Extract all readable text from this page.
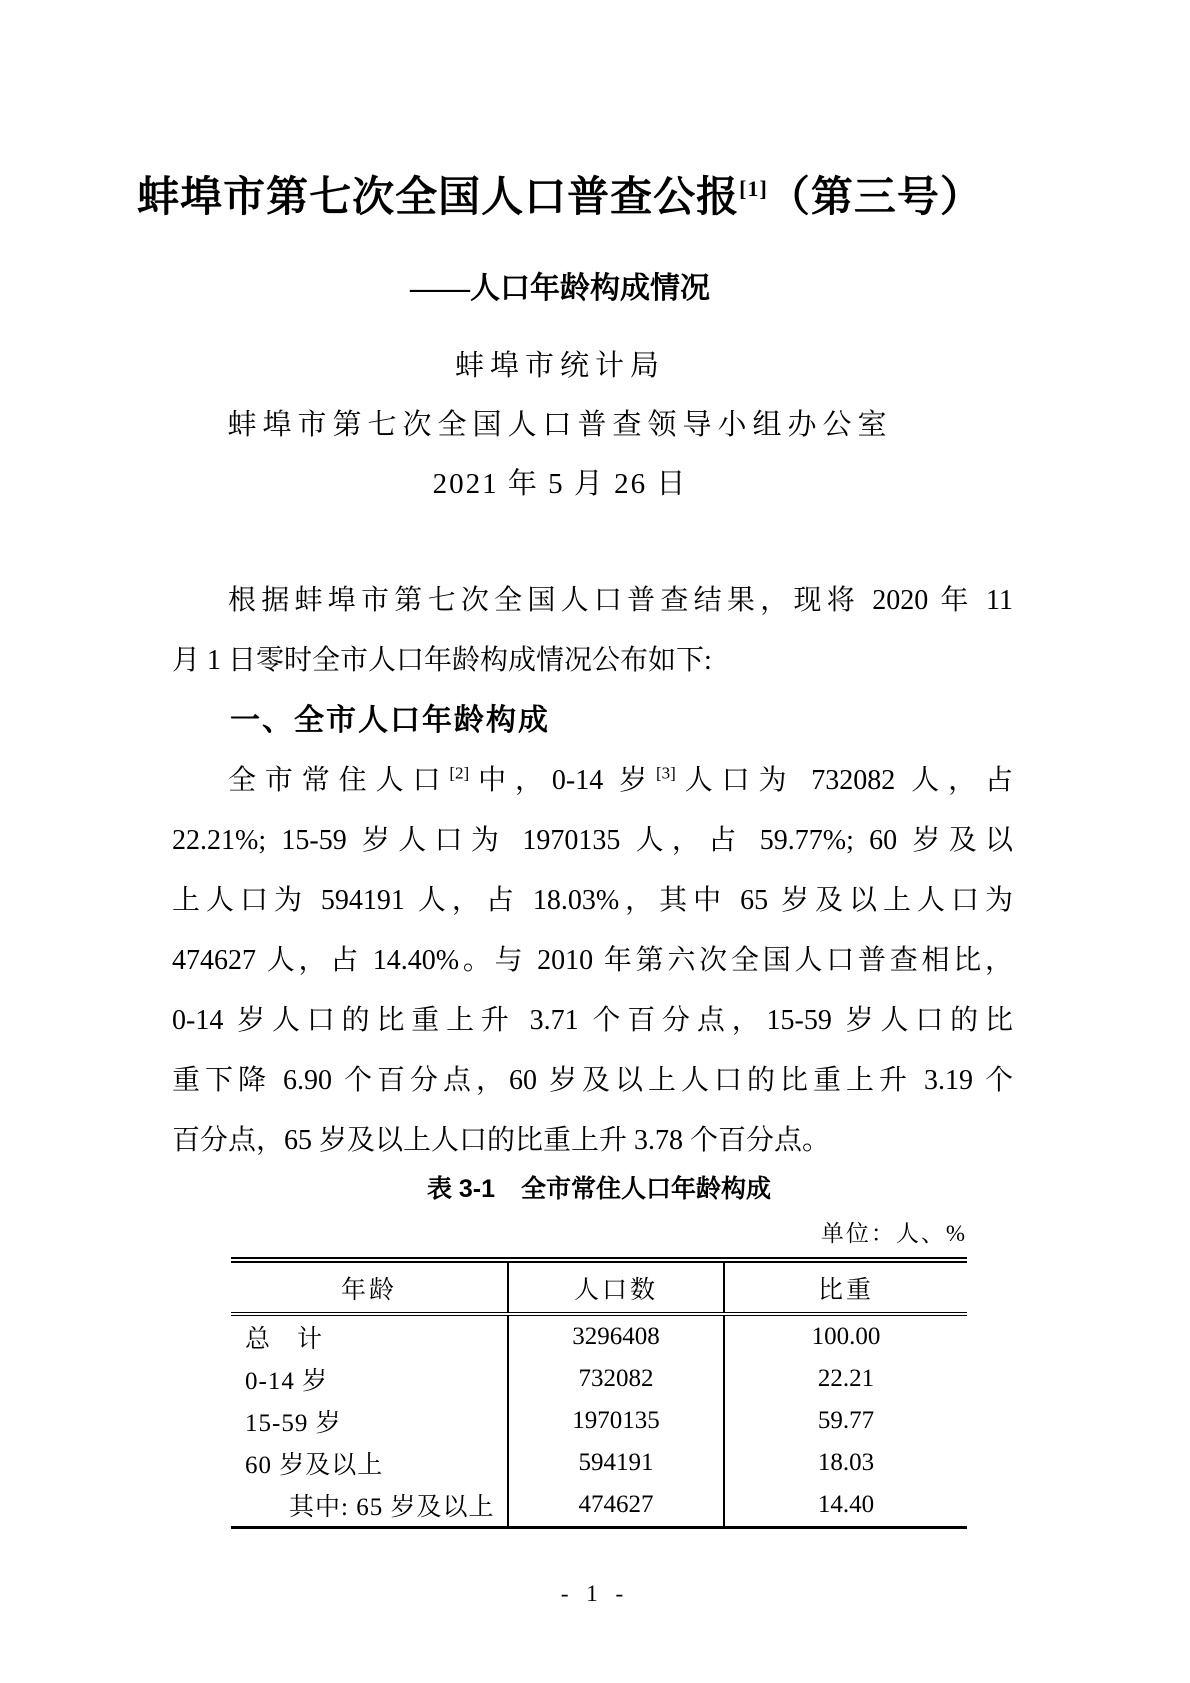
蚌埠市第七次全国人口普查公报[1]（第三号）
——人口年龄构成情况
蚌埠市统计局
蚌埠市第七次全国人口普查领导小组办公室
2021 年 5 月 26 日

根据蚌埠市第七次全国人口普查结果，现将 2020 年 11

月 1 日零时全市人口年龄构成情况公布如下:

一、全市人口年龄构成

全市常住人口[2]中，0-14 岁[3]人口为 732082 人，占

22.21%; 15-59 岁人口为 1970135 人，占 59.77%; 60 岁及以

上人口为 594191 人，占 18.03%，其中 65 岁及以上人口为

474627 人，占 14.40%。与 2010 年第六次全国人口普查相比，

0-14 岁人口的比重上升 3.71 个百分点，15-59 岁人口的比

重下降 6.90 个百分点，60 岁及以上人口的比重上升 3.19 个

百分点，65 岁及以上人口的比重上升 3.78 个百分点。

表 3-1 全市常住人口年龄构成
单位：人、%
年龄	人口数	比重
总　计	3296408	100.00
0-14 岁	732082	22.21
15-59 岁	1970135	59.77
60 岁及以上	594191	18.03
其中: 65 岁及以上	474627	14.40
- 1 -
